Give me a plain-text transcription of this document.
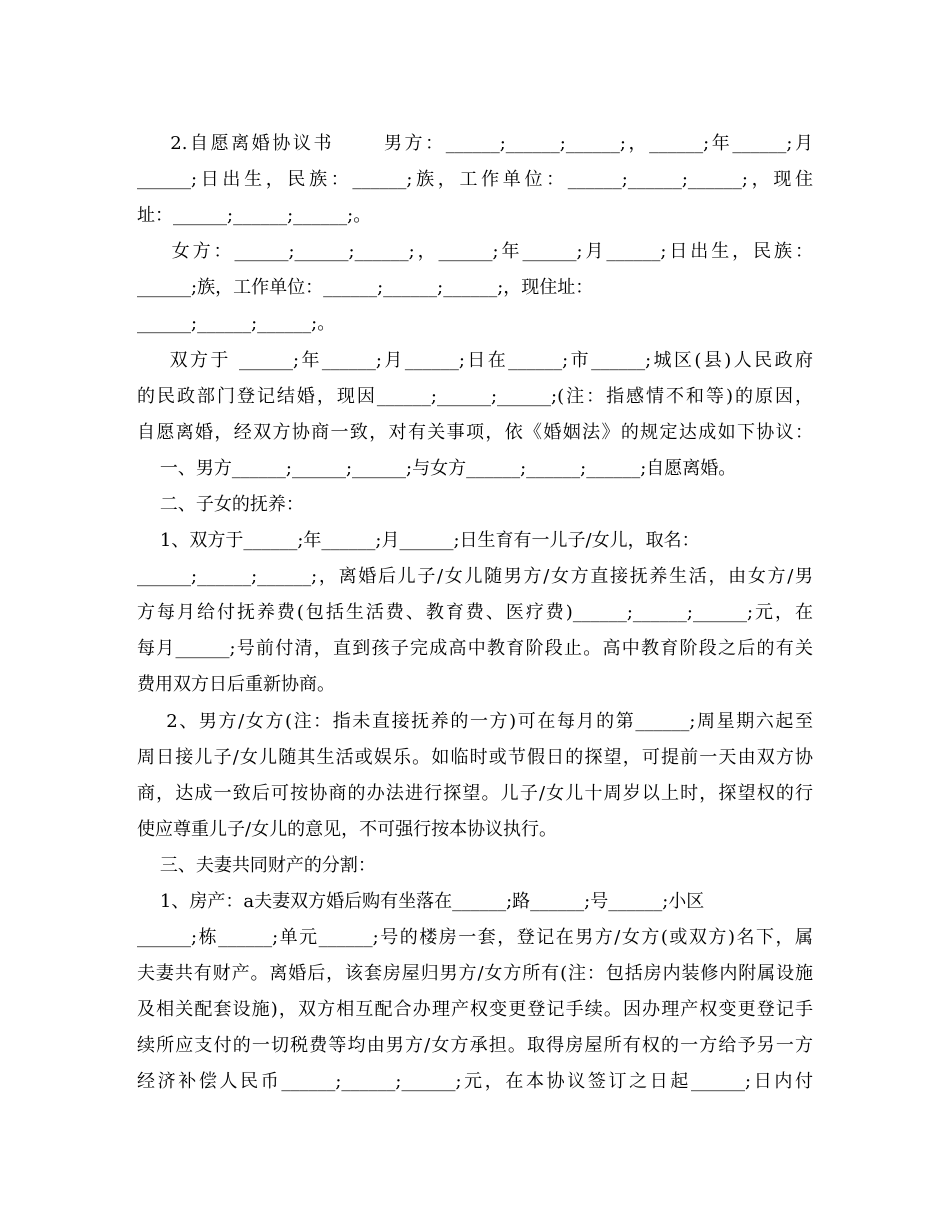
2.自愿离婚协议书      男方：______;______;______;，______;年______;月
______;日出生，民族：______;族，工作单位：______;______;______;，现住
址：______;______;______;。
女方：______;______;______;，______;年______;月______;日出生，民族：
______;族，工作单位：______;______;______;，现住址：
______;______;______;。
双方于 ______;年______;月______;日在______;市______;城区(县)人民政府
的民政部门登记结婚，现因______;______;______;(注：指感情不和等)的原因，
自愿离婚，经双方协商一致，对有关事项，依《婚姻法》的规定达成如下协议：
一、男方______;______;______;与女方______;______;______;自愿离婚。
二、子女的抚养：
1、双方于______;年______;月______;日生育有一儿子/女儿，取名：
______;______;______;，离婚后儿子/女儿随男方/女方直接抚养生活，由女方/男
方每月给付抚养费(包括生活费、教育费、医疗费)______;______;______;元，在
每月______;号前付清，直到孩子完成高中教育阶段止。高中教育阶段之后的有关
费用双方日后重新协商。
2、男方/女方(注：指未直接抚养的一方)可在每月的第______;周星期六起至
周日接儿子/女儿随其生活或娱乐。如临时或节假日的探望，可提前一天由双方协
商，达成一致后可按协商的办法进行探望。儿子/女儿十周岁以上时，探望权的行
使应尊重儿子/女儿的意见，不可强行按本协议执行。
三、夫妻共同财产的分割：
1、房产：a夫妻双方婚后购有坐落在______;路______;号______;小区
______;栋______;单元______;号的楼房一套，登记在男方/女方(或双方)名下，属
夫妻共有财产。离婚后，该套房屋归男方/女方所有(注：包括房内装修内附属设施
及相关配套设施)，双方相互配合办理产权变更登记手续。因办理产权变更登记手
续所应支付的一切税费等均由男方/女方承担。取得房屋所有权的一方给予另一方
经济补偿人民币______;______;______;元，在本协议签订之日起______;日内付
